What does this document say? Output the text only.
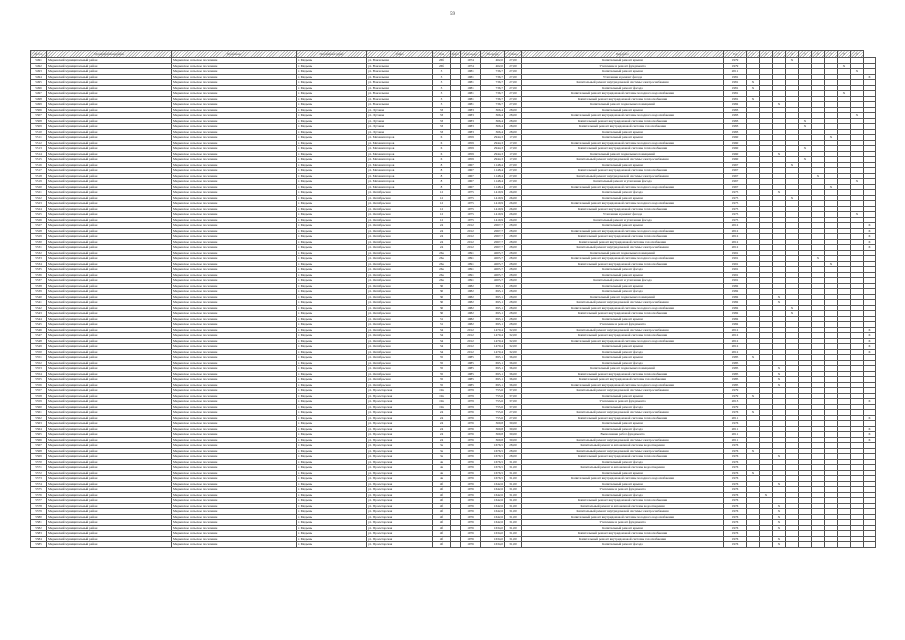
59
№ п/п	Муниципальный район	Поселение	Населённый пункт	Улица	Дом	Корп.	Год ввода	Площадь	Ставка	Вид работ	Год	1	2	3	4	5	6	7	8	9	
5491	Медынский муниципальный район	Медынское сельское поселение	г. Медынь	ул. Вокзальная	26б		1974	462,0	27,00	Капитальный ремонт крыши	1979				X						
5492	Медынский муниципальный район	Медынское сельское поселение	г. Медынь	ул. Вокзальная	26б		1974	462,0	27,00	Утепление и ремонт фундамента	1979								X		
5493	Медынский муниципальный район	Медынское сельское поселение	г. Медынь	ул. Вокзальная	3		1981	736,7	27,00	Капитальный ремонт крыши	2011									X	
5494	Медынский муниципальный район	Медынское сельское поселение	г. Медынь	ул. Вокзальная	3		1981	736,7	27,00	Утепление и ремонт фасада	1981										X
5495	Медынский муниципальный район	Медынское сельское поселение	г. Медынь	ул. Вокзальная	3		1981	736,7	27,00	Капитальный ремонт внутридомовой системы электроснабжения	1981	X									
5496	Медынский муниципальный район	Медынское сельское поселение	г. Медынь	ул. Вокзальная	3		1981	736,7	27,00	Капитальный ремонт фасада	1981	X									
5497	Медынский муниципальный район	Медынское сельское поселение	г. Медынь	ул. Вокзальная	3		1981	736,7	27,00	Капитальный ремонт внутридомовой системы холодного водоснабжения	1981								X		
5498	Медынский муниципальный район	Медынское сельское поселение	г. Медынь	ул. Вокзальная	3		1981	736,7	27,00	Капитальный ремонт внутридомовой системы теплоснабжения	1981	X									
5499	Медынский муниципальный район	Медынское сельское поселение	г. Медынь	ул. Вокзальная	3		1981	736,7	27,00	Капитальный ремонт подвальных помещений	1982			X							
5506	Медынский муниципальный район	Медынское сельское поселение	г. Медынь	ул. Луговая	33		1983	366,4	28,00	Капитальный ремонт крыши	1983										
5507	Медынский муниципальный район	Медынское сельское поселение	г. Медынь	ул. Луговая	33		1983	366,4	28,00	Капитальный ремонт внутридомовой системы холодного водоснабжения	1983									X	
5508	Медынский муниципальный район	Медынское сельское поселение	г. Медынь	ул. Луговая	33		1983	366,4	28,00	Капитальный ремонт внутридомовой системы теплоснабжения	1983					X					
5509	Медынский муниципальный район	Медынское сельское поселение	г. Медынь	ул. Луговая	33		1983	366,4	28,00	Капитальный ремонт внутридомовой системы газоснабжения	1983					X					
5510	Медынский муниципальный район	Медынское сельское поселение	г. Медынь	ул. Луговая	33		1983	366,4	28,00	Капитальный ремонт крыши	1983										
5511	Медынский муниципальный район	Медынское сельское поселение	г. Медынь	ул. Механизаторов	6		1959	2944,3	17,00	Капитальный ремонт крыши	1960							X			
5512	Медынский муниципальный район	Медынское сельское поселение	г. Медынь	ул. Механизаторов	6		1959	2944,3	17,00	Капитальный ремонт внутридомовой системы холодного водоснабжения	1960										
5513	Медынский муниципальный район	Медынское сельское поселение	г. Медынь	ул. Механизаторов	6		1959	2944,3	17,00	Капитальный ремонт внутридомовой системы теплоснабжения	1960					X					
5514	Медынский муниципальный район	Медынское сельское поселение	г. Медынь	ул. Механизаторов	6		1959	2944,3	17,00	Капитальный ремонт подвальных помещений	1960			X							
5515	Медынский муниципальный район	Медынское сельское поселение	г. Медынь	ул. Механизаторов	6		1959	2944,3	17,00	Капитальный ремонт внутридомовой системы электроснабжения	1960					X					
5516	Медынский муниципальный район	Медынское сельское поселение	г. Медынь	ул. Механизаторов	8		1967	1148,4	27,00	Капитальный ремонт крыши	1967				X						
5517	Медынский муниципальный район	Медынское сельское поселение	г. Медынь	ул. Механизаторов	8		1967	1148,4	27,00	Капитальный ремонт внутридомовой системы теплоснабжения	1967										
5518	Медынский муниципальный район	Медынское сельское поселение	г. Медынь	ул. Механизаторов	8		1967	1148,4	27,00	Капитальный ремонт внутридомовой системы электроснабжения	1967						X				
5519	Медынский муниципальный район	Медынское сельское поселение	г. Медынь	ул. Механизаторов	8		1967	1148,4	27,00	Капитальный ремонт и утепление фасада	1967									X	
5520	Медынский муниципальный район	Медынское сельское поселение	г. Медынь	ул. Механизаторов	8		1967	1148,4	27,00	Капитальный ремонт внутридомовой системы холодного водоснабжения	1967							X			
5521	Медынский муниципальный район	Медынское сельское поселение	г. Медынь	ул. Октябрьская	12		1975	1419,9	26,00	Капитальный ремонт фасада	1975			X							
5522	Медынский муниципальный район	Медынское сельское поселение	г. Медынь	ул. Октябрьская	12		1975	1419,9	26,00	Капитальный ремонт крыши	1975				X						
5523	Медынский муниципальный район	Медынское сельское поселение	г. Медынь	ул. Октябрьская	12		1975	1419,9	26,00	Капитальный ремонт внутридомовой системы холодного водоснабжения	1975										
5524	Медынский муниципальный район	Медынское сельское поселение	г. Медынь	ул. Октябрьская	12		1975	1419,9	26,00	Капитальный ремонт внутридомовой системы теплоснабжения	1975										
5525	Медынский муниципальный район	Медынское сельское поселение	г. Медынь	ул. Октябрьская	12		1975	1419,9	26,00	Утепление и ремонт фасада	1975									X	
5526	Медынский муниципальный район	Медынское сельское поселение	г. Медынь	ул. Октябрьская	12		1975	1419,9	26,00	Капитальный ремонт и утепление фасада	1975										
5527	Медынский муниципальный район	Медынское сельское поселение	г. Медынь	ул. Октябрьская	24		2012	2067,7	28,00	Капитальный ремонт крыши	2012										X
5528	Медынский муниципальный район	Медынское сельское поселение	г. Медынь	ул. Октябрьская	24		2012	2067,7	28,00	Капитальный ремонт внутридомовой системы холодного водоснабжения	2012										X
5529	Медынский муниципальный район	Медынское сельское поселение	г. Медынь	ул. Октябрьская	24		2012	2067,7	28,00	Капитальный ремонт внутридомовой системы теплоснабжения	2012										X
5530	Медынский муниципальный район	Медынское сельское поселение	г. Медынь	ул. Октябрьская	24		2012	2067,7	28,00	Капитальный ремонт внутридомовой системы газоснабжения	2012										X
5531	Медынский муниципальный район	Медынское сельское поселение	г. Медынь	ул. Октябрьская	24		2012	2067,7	28,00	Капитальный ремонт внутридомовой системы электроснабжения	2012										X
5532	Медынский муниципальный район	Медынское сельское поселение	г. Медынь	ул. Октябрьская	26а		1991	4005,7	28,00	Капитальный ремонт подвальных помещений	1991										
5533	Медынский муниципальный район	Медынское сельское поселение	г. Медынь	ул. Октябрьская	26а		1991	4005,7	28,00	Капитальный ремонт внутридомовой системы холодного водоснабжения	1991						X				
5534	Медынский муниципальный район	Медынское сельское поселение	г. Медынь	ул. Октябрьская	26а		1991	4005,7	28,00	Капитальный ремонт внутридомовой системы теплоснабжения	1991							X			
5535	Медынский муниципальный район	Медынское сельское поселение	г. Медынь	ул. Октябрьская	26а		1991	4005,7	28,00	Капитальный ремонт фасада	1991										
5536	Медынский муниципальный район	Медынское сельское поселение	г. Медынь	ул. Октябрьская	26а		1991	4005,7	28,00	Капитальный ремонт крыши	1991										
5537	Медынский муниципальный район	Медынское сельское поселение	г. Медынь	ул. Октябрьская	26а		1991	4005,7	28,00	Капитальный ремонт и утепление фасада	1991										
5538	Медынский муниципальный район	Медынское сельское поселение	г. Медынь	ул. Октябрьская	30		1982	695,1	28,00	Капитальный ремонт крыши	1982										
5539	Медынский муниципальный район	Медынское сельское поселение	г. Медынь	ул. Октябрьская	30		1982	695,1	28,00	Капитальный ремонт фасада	1982										
5540	Медынский муниципальный район	Медынское сельское поселение	г. Медынь	ул. Октябрьская	30		1982	695,1	28,00	Капитальный ремонт подвальных помещений	1982			X							
5541	Медынский муниципальный район	Медынское сельское поселение	г. Медынь	ул. Октябрьская	30		1982	695,1	28,00	Капитальный ремонт внутридомовой системы электроснабжения	1982			X							
5542	Медынский муниципальный район	Медынское сельское поселение	г. Медынь	ул. Октябрьская	30		1982	695,1	28,00	Капитальный ремонт внутридомовой системы холодного водоснабжения	1982				X						
5543	Медынский муниципальный район	Медынское сельское поселение	г. Медынь	ул. Октябрьская	30		1982	695,1	28,00	Капитальный ремонт внутридомовой системы теплоснабжения	1982				X						
5544	Медынский муниципальный район	Медынское сельское поселение	г. Медынь	ул. Октябрьская	31		1982	695,1	28,00	Капитальный ремонт крыши	1982										
5545	Медынский муниципальный район	Медынское сельское поселение	г. Медынь	ул. Октябрьская	31		1982	695,1	28,00	Утепление и ремонт фундамента	1982										
5546	Медынский муниципальный район	Медынское сельское поселение	г. Медынь	ул. Октябрьская	34		2012	1470,4	32,00	Капитальный ремонт внутридомовой системы электроснабжения	2012										X
5547	Медынский муниципальный район	Медынское сельское поселение	г. Медынь	ул. Октябрьская	34		2012	1470,4	32,00	Капитальный ремонт внутридомовой системы теплоснабжения	2012										X
5548	Медынский муниципальный район	Медынское сельское поселение	г. Медынь	ул. Октябрьская	34		2012	1470,4	32,00	Капитальный ремонт внутридомовой системы холодного водоснабжения	2012										X
5549	Медынский муниципальный район	Медынское сельское поселение	г. Медынь	ул. Октябрьская	34		2012	1470,4	32,00	Капитальный ремонт крыши	2012										X
5550	Медынский муниципальный район	Медынское сельское поселение	г. Медынь	ул. Октябрьская	34		2012	1470,4	32,00	Капитальный ремонт фасада	2012										X
5551	Медынский муниципальный район	Медынское сельское поселение	г. Медынь	ул. Октябрьская	35		1985	695,1	36,00	Капитальный ремонт крыши	1985	X									
5552	Медынский муниципальный район	Медынское сельское поселение	г. Медынь	ул. Октябрьская	35		1985	695,1	36,00	Капитальный ремонт фасада	1985										
5553	Медынский муниципальный район	Медынское сельское поселение	г. Медынь	ул. Октябрьская	35		1985	695,1	36,00	Капитальный ремонт подвальных помещений	1985			X							
5554	Медынский муниципальный район	Медынское сельское поселение	г. Медынь	ул. Октябрьская	35		1985	695,1	36,00	Капитальный ремонт внутридомовой системы теплоснабжения	1985			X							
5555	Медынский муниципальный район	Медынское сельское поселение	г. Медынь	ул. Октябрьская	35		1985	695,1	36,00	Капитальный ремонт внутридомовой системы газоснабжения	1985			X							
5556	Медынский муниципальный район	Медынское сельское поселение	г. Медынь	ул. Октябрьская	35		1985	695,1	36,00	Капитальный ремонт внутридомовой системы холодного водоснабжения	1985			X							
5557	Медынский муниципальный район	Медынское сельское поселение	г. Медынь	ул. Пролетарская	19а		1979	755,6	37,00	Капитальный ремонт внутридомовой системы электроснабжения	1979										
5558	Медынский муниципальный район	Медынское сельское поселение	г. Медынь	ул. Пролетарская	19а		1979	755,6	37,00	Капитальный ремонт крыши	1979	X									
5559	Медынский муниципальный район	Медынское сельское поселение	г. Медынь	ул. Пролетарская	19а		1979	755,6	37,00	Утепление и ремонт фундамента	2013										X
5560	Медынский муниципальный район	Медынское сельское поселение	г. Медынь	ул. Пролетарская	19а		1979	755,6	37,00	Капитальный ремонт фасада	1979										
5561	Медынский муниципальный район	Медынское сельское поселение	г. Медынь	ул. Пролетарская	24		1976	755,6	27,00	Капитальный ремонт внутридомовой системы электроснабжения	1976	X									
5562	Медынский муниципальный район	Медынское сельское поселение	г. Медынь	ул. Пролетарская	24		1976	755,6	27,00	Капитальный ремонт внутридомовой системы теплоснабжения	2011										X
5563	Медынский муниципальный район	Медынское сельское поселение	г. Медынь	ул. Пролетарская	24		1976	369,8	30,00	Капитальный ремонт крыши	1976										
5564	Медынский муниципальный район	Медынское сельское поселение	г. Медынь	ул. Пролетарская	24		1976	369,8	30,00	Капитальный ремонт фасада	2011										X
5565	Медынский муниципальный район	Медынское сельское поселение	г. Медынь	ул. Пролетарская	24		1976	369,8	30,00	Выполнение работ фундамента	2011										X
5566	Медынский муниципальный район	Медынское сельское поселение	г. Медынь	ул. Пролетарская	24		1976	369,8	30,00	Капитальный ремонт внутридомовой системы электроснабжения	2011										X
5567	Медынский муниципальный район	Медынское сельское поселение	г. Медынь	ул. Пролетарская	3а		1976	1676,5	28,00	Капитальный ремонт и автономной системы водоотведения	1976										
5568	Медынский муниципальный район	Медынское сельское поселение	г. Медынь	ул. Пролетарская	3а		1976	1676,5	28,00	Капитальный ремонт внутридомовой системы электроснабжения	1976	X									
5569	Медынский муниципальный район	Медынское сельское поселение	г. Медынь	ул. Пролетарская	3а		1976	1676,5	28,00	Капитальный ремонт внутридомовой системы теплоснабжения	1976			X							
5570	Медынский муниципальный район	Медынское сельское поселение	г. Медынь	ул. Пролетарская	4а		1976	1676,5	31,00	Капитальный ремонт фасада	1976										
5571	Медынский муниципальный район	Медынское сельское поселение	г. Медынь	ул. Пролетарская	4а		1976	1676,5	31,00	Капитальный ремонт и автономной системы водоотведения	1976										
5572	Медынский муниципальный район	Медынское сельское поселение	г. Медынь	ул. Пролетарская	4а		1976	1676,5	31,00	Капитальный ремонт крыши	1976	X									
5573	Медынский муниципальный район	Медынское сельское поселение	г. Медынь	ул. Пролетарская	4а		1976	1676,5	31,00	Капитальный ремонт внутридомовой системы холодного водоснабжения	1976										
5574	Медынский муниципальный район	Медынское сельское поселение	г. Медынь	ул. Пролетарская	4б		1976	1642,6	31,00	Капитальный ремонт крыши	1976			X							
5575	Медынский муниципальный район	Медынское сельское поселение	г. Медынь	ул. Пролетарская	4б		1976	1642,6	31,00	Утепление и ремонт фундамента	1976										
5576	Медынский муниципальный район	Медынское сельское поселение	г. Медынь	ул. Пролетарская	4б		1976	1642,6	31,00	Капитальный ремонт фасада	1976		X								
5577	Медынский муниципальный район	Медынское сельское поселение	г. Медынь	ул. Пролетарская	4б		1976	1642,6	31,00	Капитальный ремонт внутридомовой системы теплоснабжения	1976										
5578	Медынский муниципальный район	Медынское сельское поселение	г. Медынь	ул. Пролетарская	4б		1976	1642,6	31,00	Капитальный ремонт и автономной системы водоотведения	1976			X							
5579	Медынский муниципальный район	Медынское сельское поселение	г. Медынь	ул. Пролетарская	4б		1976	1642,6	31,00	Капитальный ремонт внутридомовой системы электроснабжения	1976			X							
5580	Медынский муниципальный район	Медынское сельское поселение	г. Медынь	ул. Пролетарская	4б		1976	1642,6	31,00	Капитальный ремонт внутридомовой системы холодного водоснабжения	1976			X							
5581	Медынский муниципальный район	Медынское сельское поселение	г. Медынь	ул. Пролетарская	4б		1976	1642,6	31,00	Утепление и ремонт фундамента	1976			X							
5582	Медынский муниципальный район	Медынское сельское поселение	г. Медынь	ул. Пролетарская	4б		1976	1634,0	31,00	Капитальный ремонт крыши	1976			X							
5583	Медынский муниципальный район	Медынское сельское поселение	г. Медынь	ул. Пролетарская	4б		1976	1634,0	31,00	Капитальный ремонт внутридомовой системы теплоснабжения	1976										
5584	Медынский муниципальный район	Медынское сельское поселение	г. Медынь	ул. Пролетарская	4б		1976	1634,0	31,00	Капитальный ремонт внутридомовой системы газоснабжения	1976			X							
5585	Медынский муниципальный район	Медынское сельское поселение	г. Медынь	ул. Пролетарская	4б		1976	1634,0	31,00	Капитальный ремонт фасада	1976			X							
